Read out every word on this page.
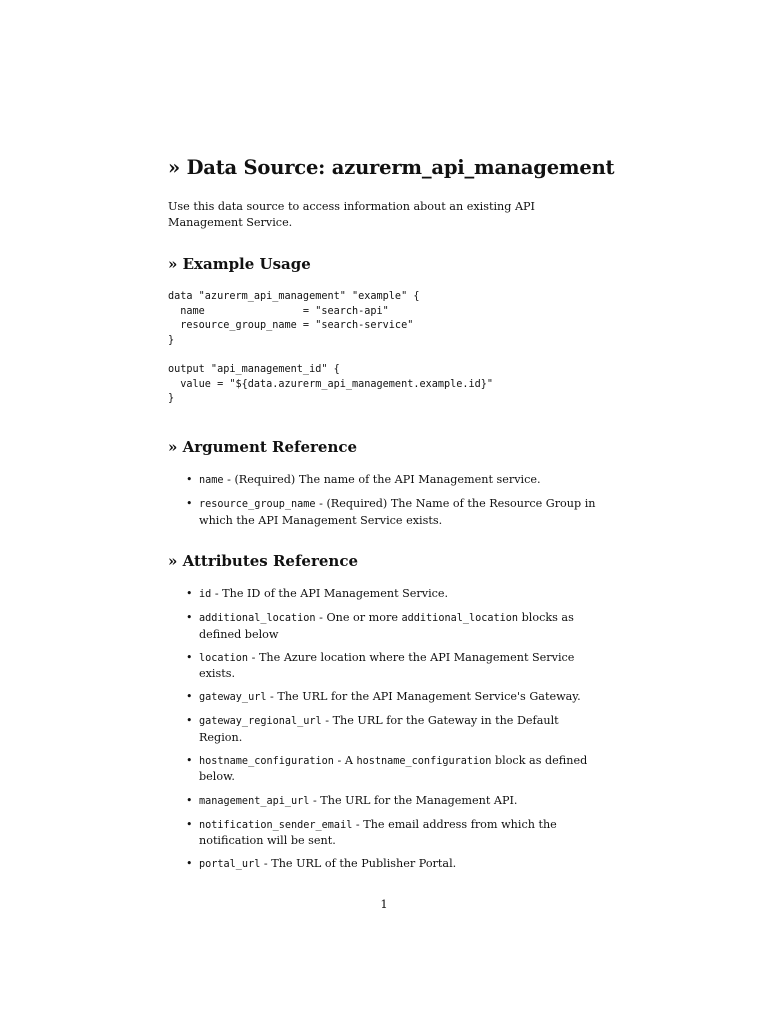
» Data Source: azurerm_api_management

Use this data source to access information about an existing API Management Service.

» Example Usage
data "azurerm_api_management" "example" {
name                = "search-api"
resource_group_name = "search-service"
}

output "api_management_id" {
value = "${data.azurerm_api_management.example.id}"
}
» Argument Reference
• name - (Required) The name of the API Management service.
• resource_group_name - (Required) The Name of the Resource Group in which the API Management Service exists.
» Attributes Reference
• id - The ID of the API Management Service.
• additional_location - One or more additional_location blocks as defined below
• location - The Azure location where the API Management Service exists.
• gateway_url - The URL for the API Management Service's Gateway.
• gateway_regional_url - The URL for the Gateway in the Default Region.
• hostname_configuration - A hostname_configuration block as defined below.
• management_api_url - The URL for the Management API.
• notification_sender_email - The email address from which the notification will be sent.
• portal_url - The URL of the Publisher Portal.
1
